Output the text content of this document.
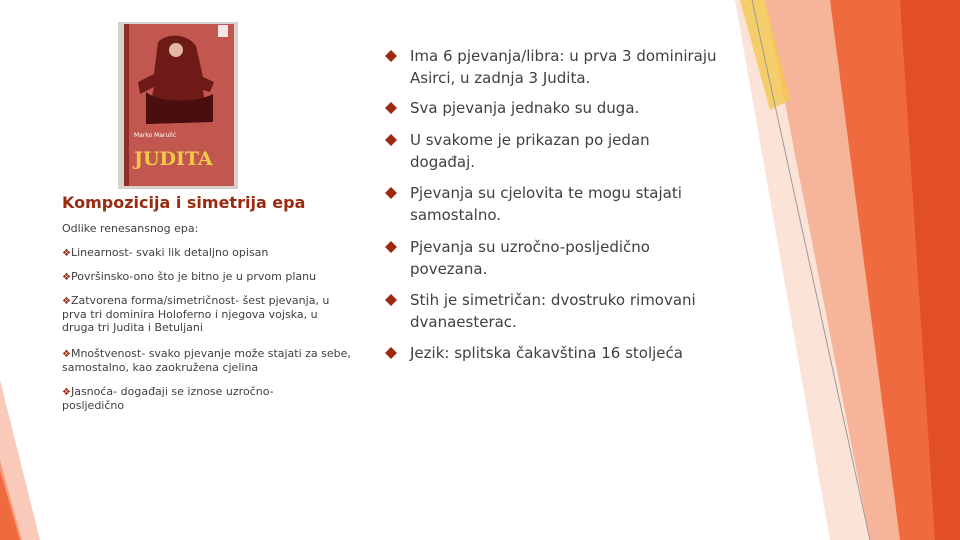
Marko Marulić
JUDITA
Kompozicija i simetrija epa
Odlike renesansnog epa:
❖Linearnost- svaki lik detaljno opisan
❖Površinsko-ono što je bitno je u prvom planu
❖Zatvorena forma/simetričnost- šest pjevanja, u prva tri dominira Holoferno i njegova vojska, u druga tri Judita i Betuljani
❖Mnoštvenost- svako pjevanje može stajati za sebe, samostalno, kao zaokružena cjelina
❖Jasnoća- događaji se iznose uzročno-posljedično
Ima 6 pjevanja/libra: u prva 3 dominiraju Asirci, u zadnja 3 Judita.
Sva pjevanja jednako su duga.
U svakome je prikazan po jedan događaj.
Pjevanja su cjelovita te mogu stajati samostalno.
Pjevanja su uzročno-posljedično povezana.
Stih je simetričan: dvostruko rimovani dvanaesterac.
Jezik: splitska čakavština 16 stoljeća
